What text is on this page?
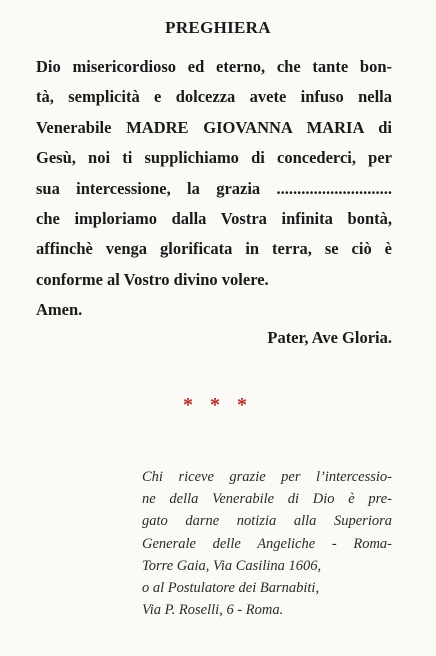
PREGHIERA
Dio misericordioso ed eterno, che tante bon-
tà, semplicità e dolcezza avete infuso nella
Venerabile MADRE GIOVANNA MARIA di
Gesù, noi ti supplichiamo di concederci, per
sua intercessione, la grazia ............................
che imploriamo dalla Vostra infinita bontà,
affinchè venga glorificata in terra, se ciò è
conforme al Vostro divino volere.
Amen.
Pater, Ave Gloria.
* * *
Chi riceve grazie per l’intercessio-
ne della Venerabile di Dio è pre-
gato darne notizia alla Superiora
Generale delle Angeliche - Roma-
Torre Gaia, Via Casilina 1606,
o al Postulatore dei Barnabiti,
Via P. Roselli, 6 - Roma.
